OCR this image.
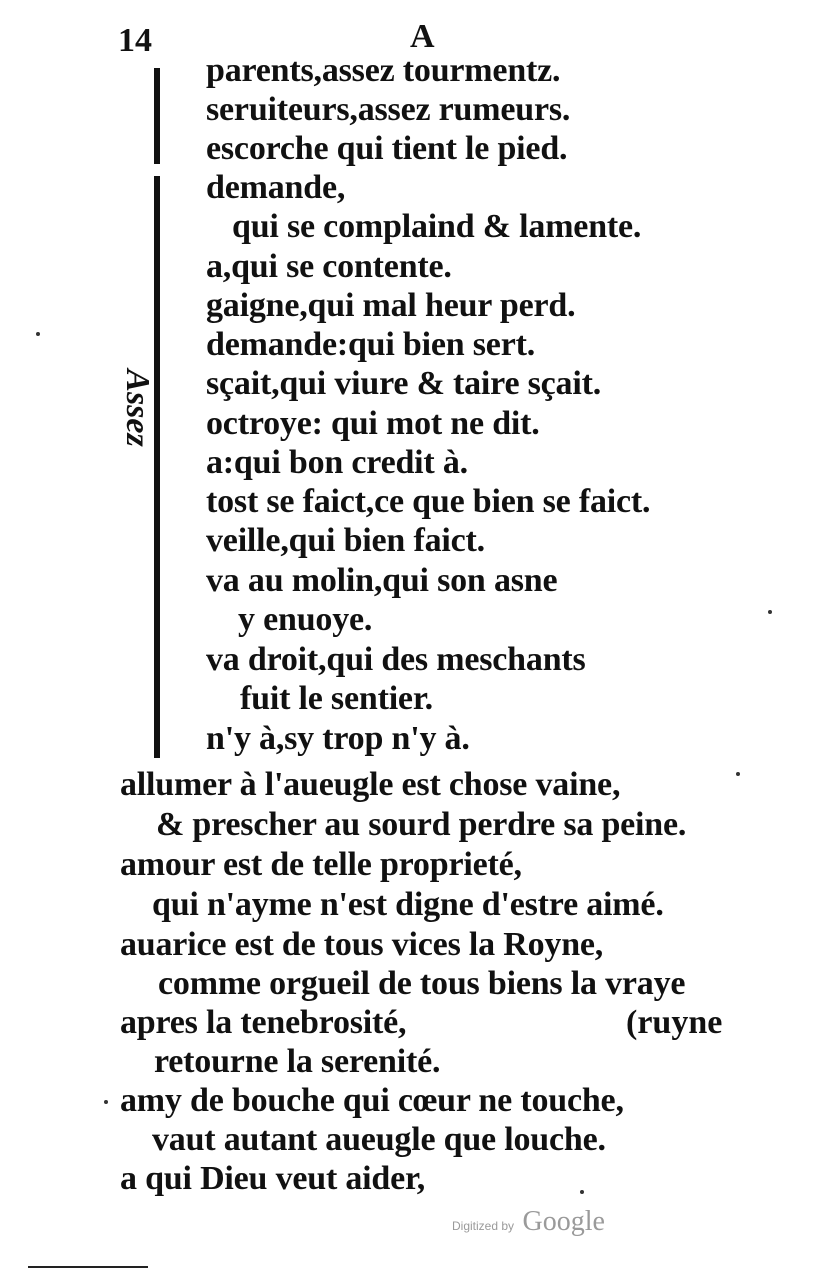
14	A
Assez
parents,assez tourmentz.
seruiteurs,assez rumeurs.
escorche qui tient le pied.
demande,
qui se complaind & lamente.
a,qui se contente.
gaigne,qui mal heur perd.
demande:qui bien sert.
sçait,qui viure & taire sçait.
octroye: qui mot ne dit.
a:qui bon credit à.
tost se faict,ce que bien se faict.
veille,qui bien faict.
va au molin,qui son asne
y enuoye.
va droit,qui des meschants
fuit le sentier.
n'y à,sy trop n'y à.
allumer à l'aueugle est chose vaine,
& prescher au sourd perdre sa peine.
amour est de telle proprieté,
qui n'ayme n'est digne d'estre aimé.
auarice est de tous vices la Royne,
comme orgueil de tous biens la vraye
apres la tenebrosité,
retourne la serenité.
amy de bouche qui cœur ne touche,
vaut autant aueugle que louche.
a qui Dieu veut aider,
(ruyne
Digitized by Google
